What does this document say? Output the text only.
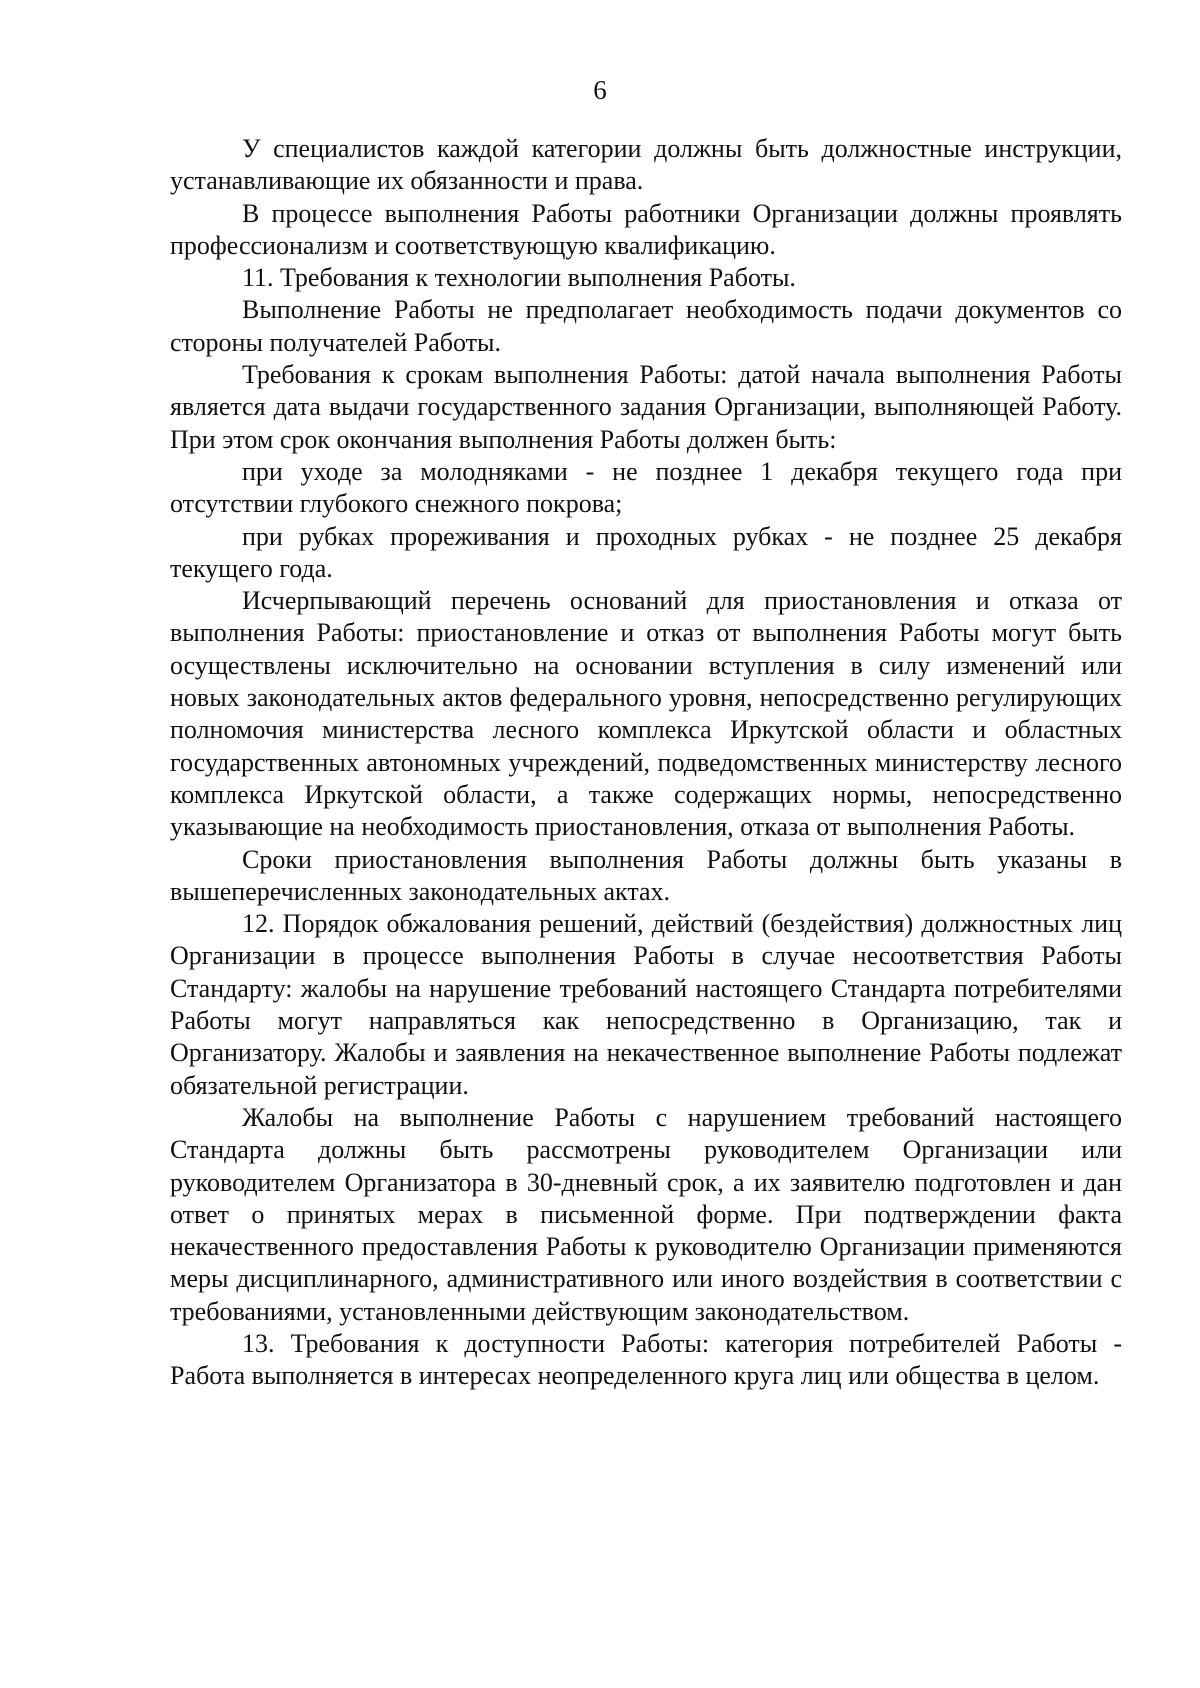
6

У специалистов каждой категории должны быть должностные инструкции, устанавливающие их обязанности и права.

В процессе выполнения Работы работники Организации должны проявлять профессионализм и соответствующую квалификацию.

11. Требования к технологии выполнения Работы.

Выполнение Работы не предполагает необходимость подачи документов со стороны получателей Работы.

Требования к срокам выполнения Работы: датой начала выполнения Работы является дата выдачи государственного задания Организации, выполняющей Работу. При этом срок окончания выполнения Работы должен быть:

при уходе за молодняками - не позднее 1 декабря текущего года при отсутствии глубокого снежного покрова;

при рубках прореживания и проходных рубках - не позднее 25 декабря текущего года.

Исчерпывающий перечень оснований для приостановления и отказа от выполнения Работы: приостановление и отказ от выполнения Работы могут быть осуществлены исключительно на основании вступления в силу изменений или новых законодательных актов федерального уровня, непосредственно регулирующих полномочия министерства лесного комплекса Иркутской области и областных государственных автономных учреждений, подведомственных министерству лесного комплекса Иркутской области, а также содержащих нормы, непосредственно указывающие на необходимость приостановления, отказа от выполнения Работы.

Сроки приостановления выполнения Работы должны быть указаны в вышеперечисленных законодательных актах.

12. Порядок обжалования решений, действий (бездействия) должностных лиц Организации в процессе выполнения Работы в случае несоответствия Работы Стандарту: жалобы на нарушение требований настоящего Стандарта потребителями Работы могут направляться как непосредственно в Организацию, так и Организатору. Жалобы и заявления на некачественное выполнение Работы подлежат обязательной регистрации.

Жалобы на выполнение Работы с нарушением требований настоящего Стандарта должны быть рассмотрены руководителем Организации или руководителем Организатора в 30-дневный срок, а их заявителю подготовлен и дан ответ о принятых мерах в письменной форме. При подтверждении факта некачественного предоставления Работы к руководителю Организации применяются меры дисциплинарного, административного или иного воздействия в соответствии с требованиями, установленными действующим законодательством.

13. Требования к доступности Работы: категория потребителей Работы - Работа выполняется в интересах неопределенного круга лиц или общества в целом.
